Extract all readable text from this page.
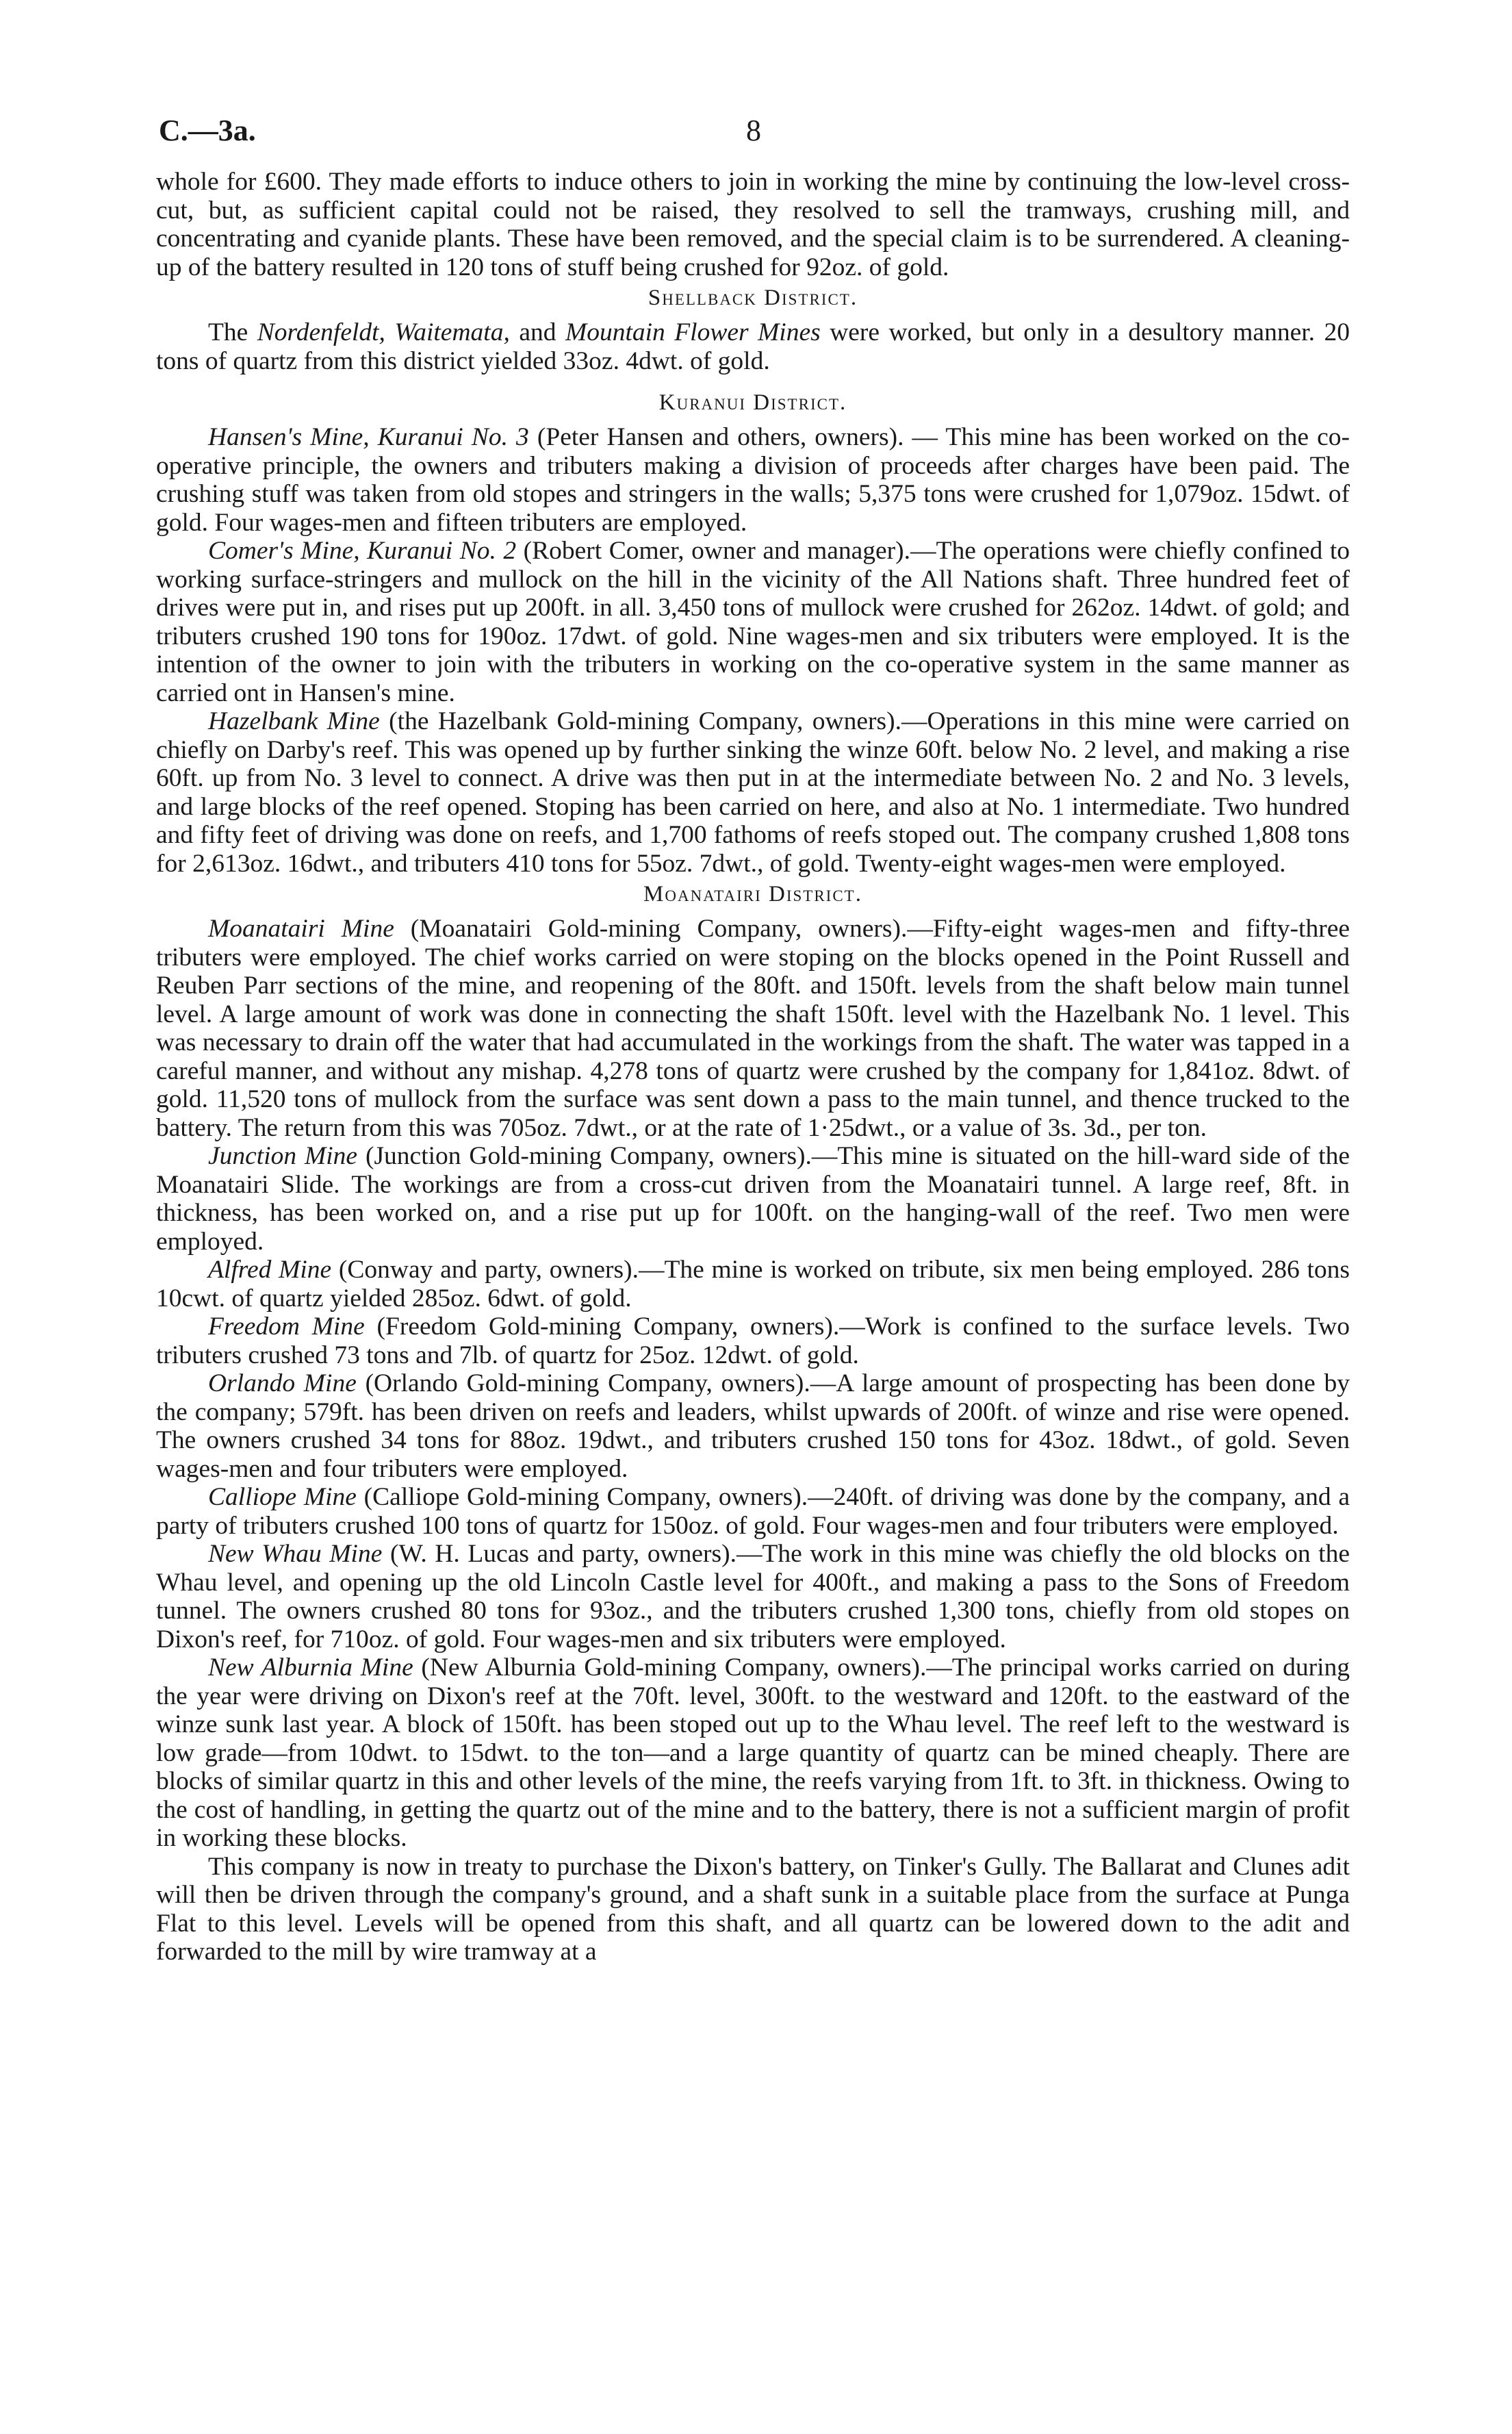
C.—3a.	8

whole for £600. They made efforts to induce others to join in working the mine by continuing the low-level cross-cut, but, as sufficient capital could not be raised, they resolved to sell the tramways, crushing mill, and concentrating and cyanide plants. These have been removed, and the special claim is to be surrendered. A cleaning-up of the battery resulted in 120 tons of stuff being crushed for 92oz. of gold.

Shellback District.

The Nordenfeldt, Waitemata, and Mountain Flower Mines were worked, but only in a desultory manner. 20 tons of quartz from this district yielded 33oz. 4dwt. of gold.

Kuranui District.

Hansen's Mine, Kuranui No. 3 (Peter Hansen and others, owners). — This mine has been worked on the co-operative principle, the owners and tributers making a division of proceeds after charges have been paid. The crushing stuff was taken from old stopes and stringers in the walls; 5,375 tons were crushed for 1,079oz. 15dwt. of gold. Four wages-men and fifteen tributers are employed.

Comer's Mine, Kuranui No. 2 (Robert Comer, owner and manager).—The operations were chiefly confined to working surface-stringers and mullock on the hill in the vicinity of the All Nations shaft. Three hundred feet of drives were put in, and rises put up 200ft. in all. 3,450 tons of mullock were crushed for 262oz. 14dwt. of gold; and tributers crushed 190 tons for 190oz. 17dwt. of gold. Nine wages-men and six tributers were employed. It is the intention of the owner to join with the tributers in working on the co-operative system in the same manner as carried ont in Hansen's mine.

Hazelbank Mine (the Hazelbank Gold-mining Company, owners).—Operations in this mine were carried on chiefly on Darby's reef. This was opened up by further sinking the winze 60ft. below No. 2 level, and making a rise 60ft. up from No. 3 level to connect. A drive was then put in at the intermediate between No. 2 and No. 3 levels, and large blocks of the reef opened. Stoping has been carried on here, and also at No. 1 intermediate. Two hundred and fifty feet of driving was done on reefs, and 1,700 fathoms of reefs stoped out. The company crushed 1,808 tons for 2,613oz. 16dwt., and tributers 410 tons for 55oz. 7dwt., of gold. Twenty-eight wages-men were employed.

Moanatairi District.

Moanatairi Mine (Moanatairi Gold-mining Company, owners).—Fifty-eight wages-men and fifty-three tributers were employed. The chief works carried on were stoping on the blocks opened in the Point Russell and Reuben Parr sections of the mine, and reopening of the 80ft. and 150ft. levels from the shaft below main tunnel level. A large amount of work was done in connecting the shaft 150ft. level with the Hazelbank No. 1 level. This was necessary to drain off the water that had accumulated in the workings from the shaft. The water was tapped in a careful manner, and without any mishap. 4,278 tons of quartz were crushed by the company for 1,841oz. 8dwt. of gold. 11,520 tons of mullock from the surface was sent down a pass to the main tunnel, and thence trucked to the battery. The return from this was 705oz. 7dwt., or at the rate of 1·25dwt., or a value of 3s. 3d., per ton.

Junction Mine (Junction Gold-mining Company, owners).—This mine is situated on the hill-ward side of the Moanatairi Slide. The workings are from a cross-cut driven from the Moanatairi tunnel. A large reef, 8ft. in thickness, has been worked on, and a rise put up for 100ft. on the hanging-wall of the reef. Two men were employed.

Alfred Mine (Conway and party, owners).—The mine is worked on tribute, six men being employed. 286 tons 10cwt. of quartz yielded 285oz. 6dwt. of gold.

Freedom Mine (Freedom Gold-mining Company, owners).—Work is confined to the surface levels. Two tributers crushed 73 tons and 7lb. of quartz for 25oz. 12dwt. of gold.

Orlando Mine (Orlando Gold-mining Company, owners).—A large amount of prospecting has been done by the company; 579ft. has been driven on reefs and leaders, whilst upwards of 200ft. of winze and rise were opened. The owners crushed 34 tons for 88oz. 19dwt., and tributers crushed 150 tons for 43oz. 18dwt., of gold. Seven wages-men and four tributers were employed.

Calliope Mine (Calliope Gold-mining Company, owners).—240ft. of driving was done by the company, and a party of tributers crushed 100 tons of quartz for 150oz. of gold. Four wages-men and four tributers were employed.

New Whau Mine (W. H. Lucas and party, owners).—The work in this mine was chiefly the old blocks on the Whau level, and opening up the old Lincoln Castle level for 400ft., and making a pass to the Sons of Freedom tunnel. The owners crushed 80 tons for 93oz., and the tributers crushed 1,300 tons, chiefly from old stopes on Dixon's reef, for 710oz. of gold. Four wages-men and six tributers were employed.

New Alburnia Mine (New Alburnia Gold-mining Company, owners).—The principal works carried on during the year were driving on Dixon's reef at the 70ft. level, 300ft. to the westward and 120ft. to the eastward of the winze sunk last year. A block of 150ft. has been stoped out up to the Whau level. The reef left to the westward is low grade—from 10dwt. to 15dwt. to the ton—and a large quantity of quartz can be mined cheaply. There are blocks of similar quartz in this and other levels of the mine, the reefs varying from 1ft. to 3ft. in thickness. Owing to the cost of handling, in getting the quartz out of the mine and to the battery, there is not a sufficient margin of profit in working these blocks.

This company is now in treaty to purchase the Dixon's battery, on Tinker's Gully. The Ballarat and Clunes adit will then be driven through the company's ground, and a shaft sunk in a suitable place from the surface at Punga Flat to this level. Levels will be opened from this shaft, and all quartz can be lowered down to the adit and forwarded to the mill by wire tramway at a
